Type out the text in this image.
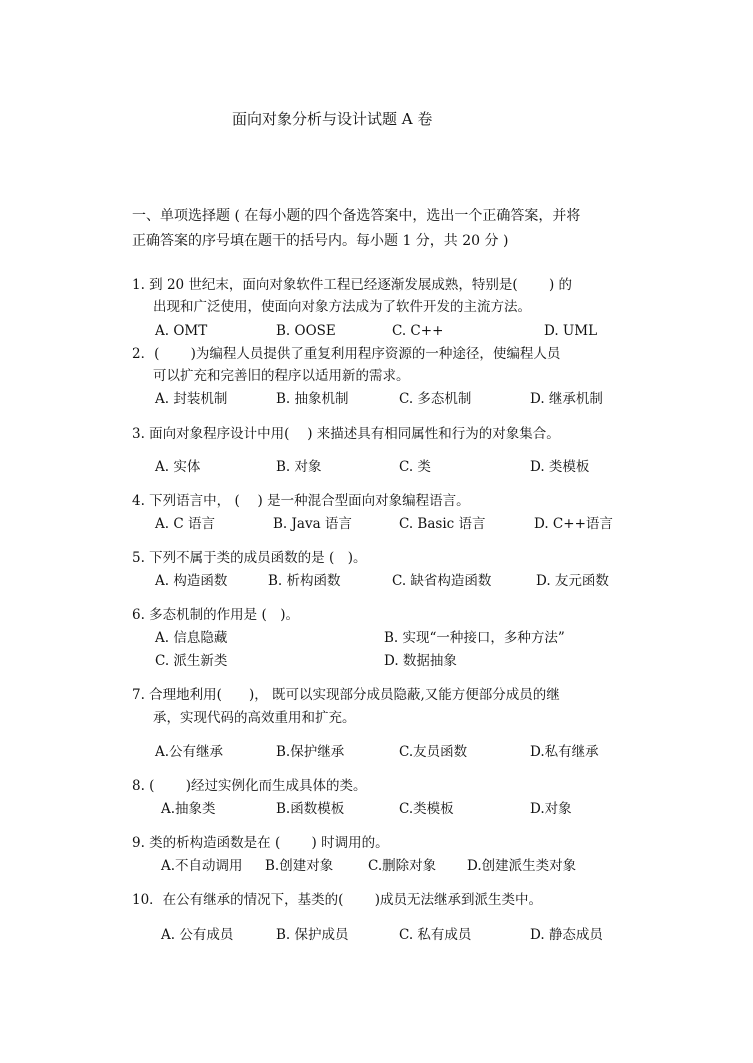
面向对象分析与设计试题 A 卷
一、单项选择题 ( 在每小题的四个备选答案中，选出一个正确答案，并将
正确答案的序号填在题干的括号内。每小题 1 分，共 20 分 )
1. 到 20 世纪末，面向对象软件工程已经逐渐发展成熟，特别是(　　 ) 的
出现和广泛使用，使面向对象方法成为了软件开发的主流方法。
A. OMT	B. OOSE	C. C++	D. UML
2．(　　 )为编程人员提供了重复利用程序资源的一种途径，使编程人员
可以扩充和完善旧的程序以适用新的需求。
A. 封装机制	B. 抽象机制	C. 多态机制	D. 继承机制
3. 面向对象程序设计中用(　 ) 来描述具有相同属性和行为的对象集合。
A. 实体	B. 对象	C. 类	D. 类模板
4. 下列语言中， (　 ) 是一种混合型面向对象编程语言。
A. C 语言	B. Java 语言	C. Basic 语言	D. C++语言
5. 下列不属于类的成员函数的是 (　)。
A. 构造函数	B. 析构函数	C. 缺省构造函数	D. 友元函数
6. 多态机制的作用是 (　)。
A. 信息隐藏	B. 实现“一种接口，多种方法”
C. 派生新类	D. 数据抽象
7. 合理地利用(　　)， 既可以实现部分成员隐蔽,又能方便部分成员的继
承，实现代码的高效重用和扩充。
A.公有继承	B.保护继承	C.友员函数	D.私有继承
8. (　　 )经过实例化而生成具体的类。
A.抽象类	B.函数模板	C.类模板	D.对象
9. 类的析构造函数是在 (　　 ) 时调用的。
A.不自动调用 B.创建对象	C.删除对象 D.创建派生类对象
10．在公有继承的情况下，基类的(　　 )成员无法继承到派生类中。
A. 公有成员	B. 保护成员	C. 私有成员	D. 静态成员
